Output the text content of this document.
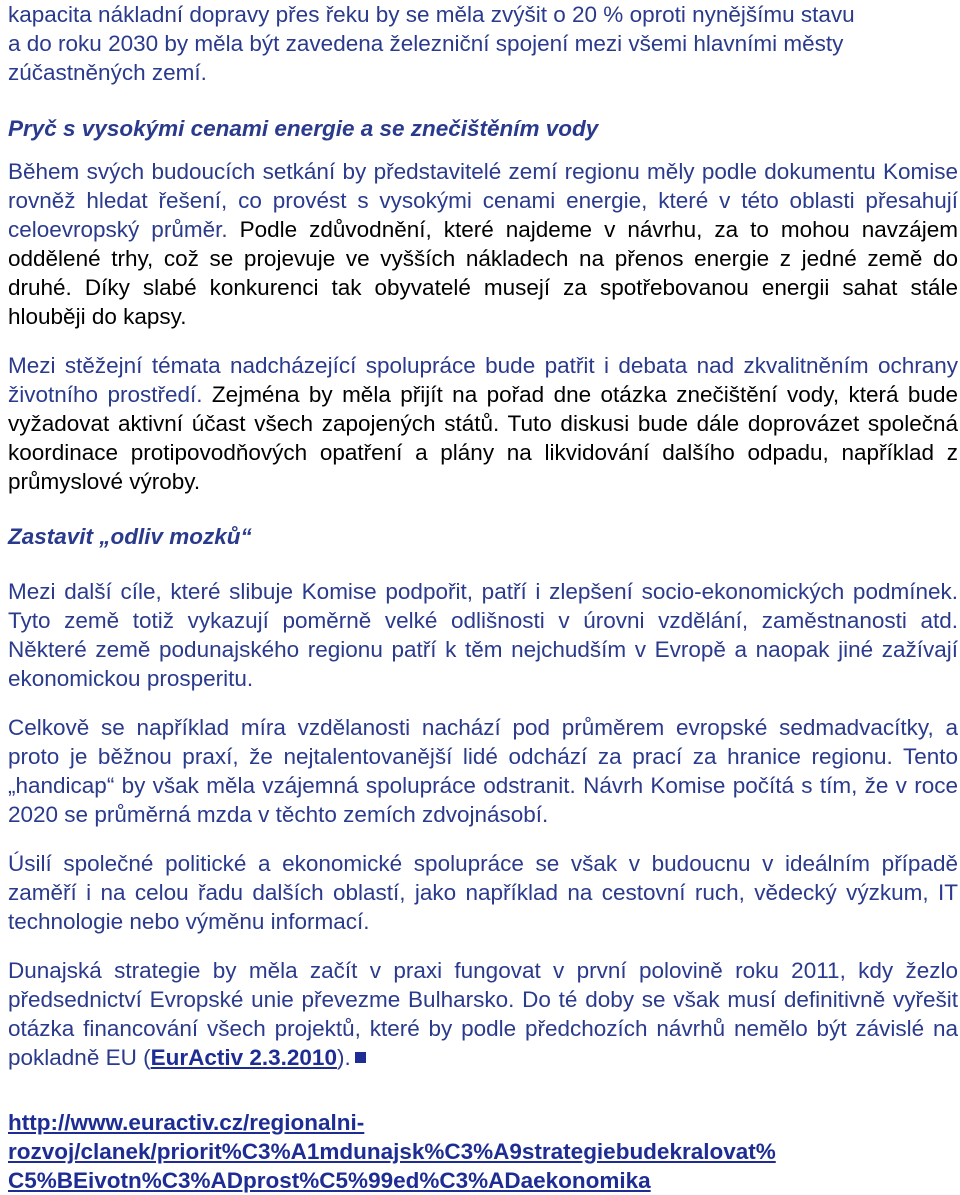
kapacita nákladní dopravy přes řeku by se měla zvýšit o 20 % oproti nynějšímu stavu
a do roku 2030 by měla být zavedena železniční spojení mezi všemi hlavními městy
zúčastněných zemí.

Pryč s vysokými cenami energie a se znečištěním vody

Během svých budoucích setkání by představitelé zemí regionu měly podle dokumentu Komise rovněž hledat řešení, co provést s vysokými cenami energie, které v této oblasti přesahují celoevropský průměr. Podle zdůvodnění, které najdeme v návrhu, za to mohou navzájem oddělené trhy, což se projevuje ve vyšších nákladech na přenos energie z jedné země do druhé. Díky slabé konkurenci tak obyvatelé musejí za spotřebovanou energii sahat stále hlouběji do kapsy.

Mezi stěžejní témata nadcházející spolupráce bude patřit i debata nad zkvalitněním ochrany životního prostředí. Zejména by měla přijít na pořad dne otázka znečištění vody, která bude vyžadovat aktivní účast všech zapojených států. Tuto diskusi bude dále doprovázet společná koordinace protipovodňových opatření a plány na likvidování dalšího odpadu, například z průmyslové výroby.

Zastavit „odliv mozků“

Mezi další cíle, které slibuje Komise podpořit, patří i zlepšení socio-ekonomických podmínek. Tyto země totiž vykazují poměrně velké odlišnosti v úrovni vzdělání, zaměstnanosti atd. Některé země podunajského regionu patří k těm nejchudším v Evropě a naopak jiné zažívají ekonomickou prosperitu.

Celkově se například míra vzdělanosti nachází pod průměrem evropské sedmadvacítky, a proto je běžnou praxí, že nejtalentovanější lidé odchází za prací za hranice regionu. Tento „handicap“ by však měla vzájemná spolupráce odstranit. Návrh Komise počítá s tím, že v roce 2020 se průměrná mzda v těchto zemích zdvojnásobí.

Úsilí společné politické a ekonomické spolupráce se však v budoucnu v ideálním případě zaměří i na celou řadu dalších oblastí, jako například na cestovní ruch, vědecký výzkum, IT technologie nebo výměnu informací.

Dunajská strategie by měla začít v praxi fungovat v první polovině roku 2011, kdy žezlo předsednictví Evropské unie převezme Bulharsko. Do té doby se však musí definitivně vyřešit otázka financování všech projektů, které by podle předchozích návrhů nemělo být závislé na pokladně EU (EurActiv 2.3.2010).

http://www.euractiv.cz/regionalni-
rozvoj/clanek/priorit%C3%A1mdunajsk%C3%A9strategiebudekralovat%
C5%BEivotn%C3%ADprost%C5%99ed%C3%ADaekonomika
